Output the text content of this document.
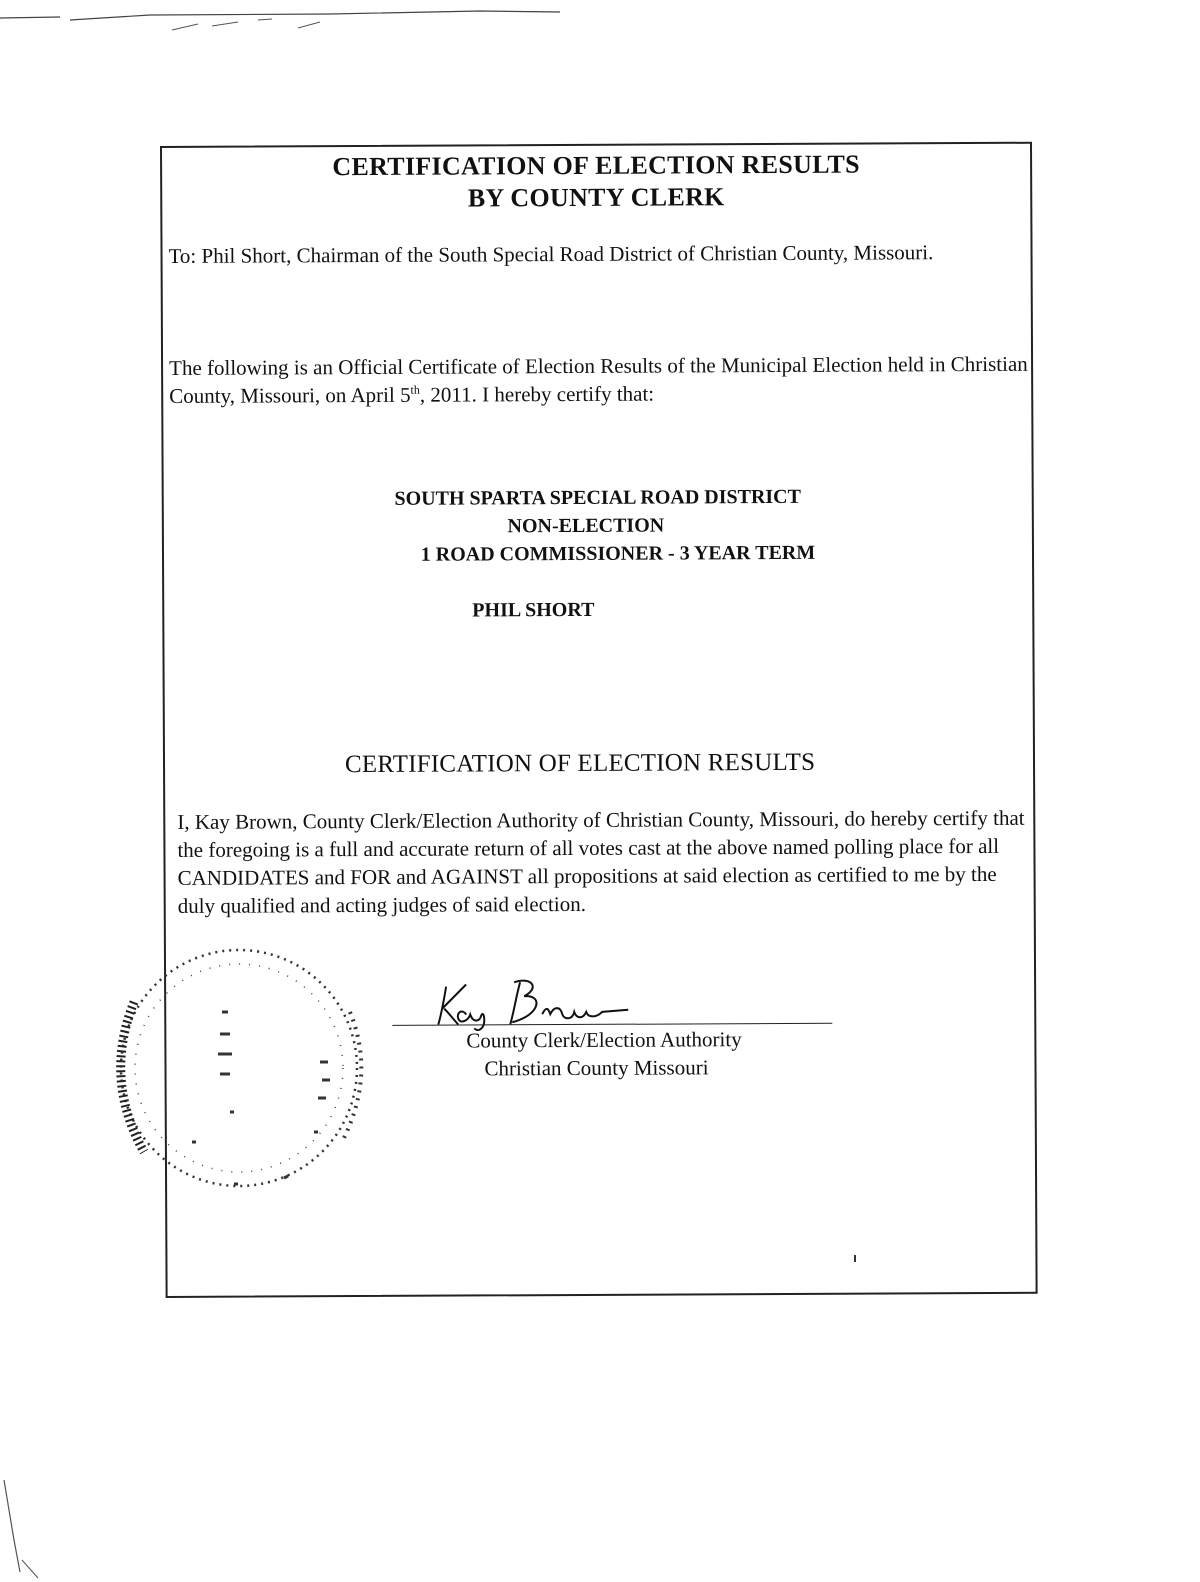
CERTIFICATION OF ELECTION RESULTS
BY COUNTY CLERK
To: Phil Short, Chairman of the South Special Road District of Christian County, Missouri.
The following is an Official Certificate of Election Results of the Municipal Election held in Christian County, Missouri, on April 5th, 2011. I hereby certify that:
SOUTH SPARTA SPECIAL ROAD DISTRICT
NON-ELECTION
1 ROAD COMMISSIONER - 3 YEAR TERM
PHIL SHORT
CERTIFICATION OF ELECTION RESULTS
I, Kay Brown, County Clerk/Election Authority of Christian County, Missouri, do hereby certify that the foregoing is a full and accurate return of all votes cast at the above named polling place for all CANDIDATES and FOR and AGAINST all propositions at said election as certified to me by the duly qualified and acting judges of said election.
County Clerk/Election Authority
Christian County Missouri
